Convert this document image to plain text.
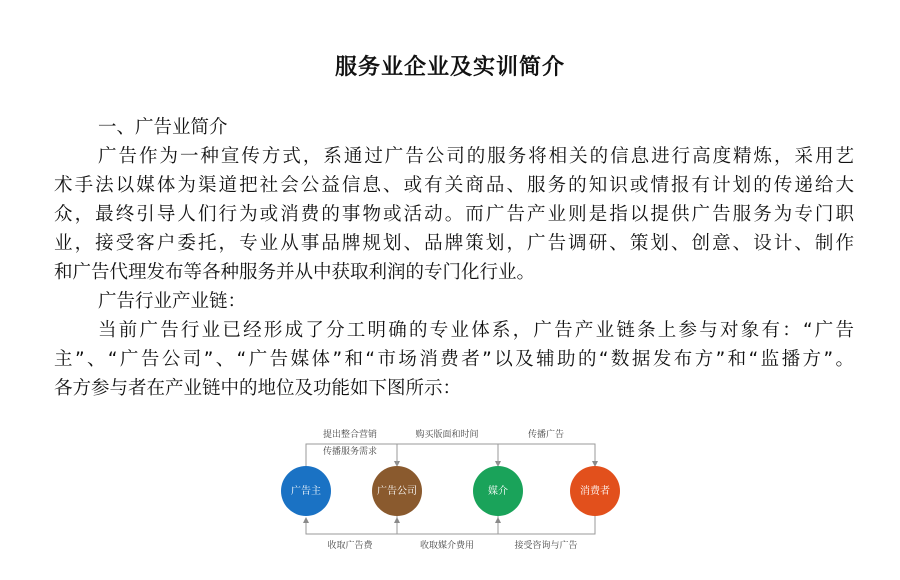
服务业企业及实训简介
一、广告业简介
广告作为一种宣传方式，系通过广告公司的服务将相关的信息进行高度精炼，采用艺
术手法以媒体为渠道把社会公益信息、或有关商品、服务的知识或情报有计划的传递给大
众，最终引导人们行为或消费的事物或活动。而广告产业则是指以提供广告服务为专门职
业，接受客户委托，专业从事品牌规划、品牌策划，广告调研、策划、创意、设计、制作
和广告代理发布等各种服务并从中获取利润的专门化行业。
广告行业产业链：
当前广告行业已经形成了分工明确的专业体系，广告产业链条上参与对象有：“广告
主”、“广告公司”、“广告媒体”和“市场消费者”以及辅助的“数据发布方”和“监播方”。
各方参与者在产业链中的地位及功能如下图所示：
提出整合营销
传播服务需求
购买版面和时间	传播广告
收取广告费	收取媒介费用	接受咨询与广告
广告主	广告公司	媒介	消费者
